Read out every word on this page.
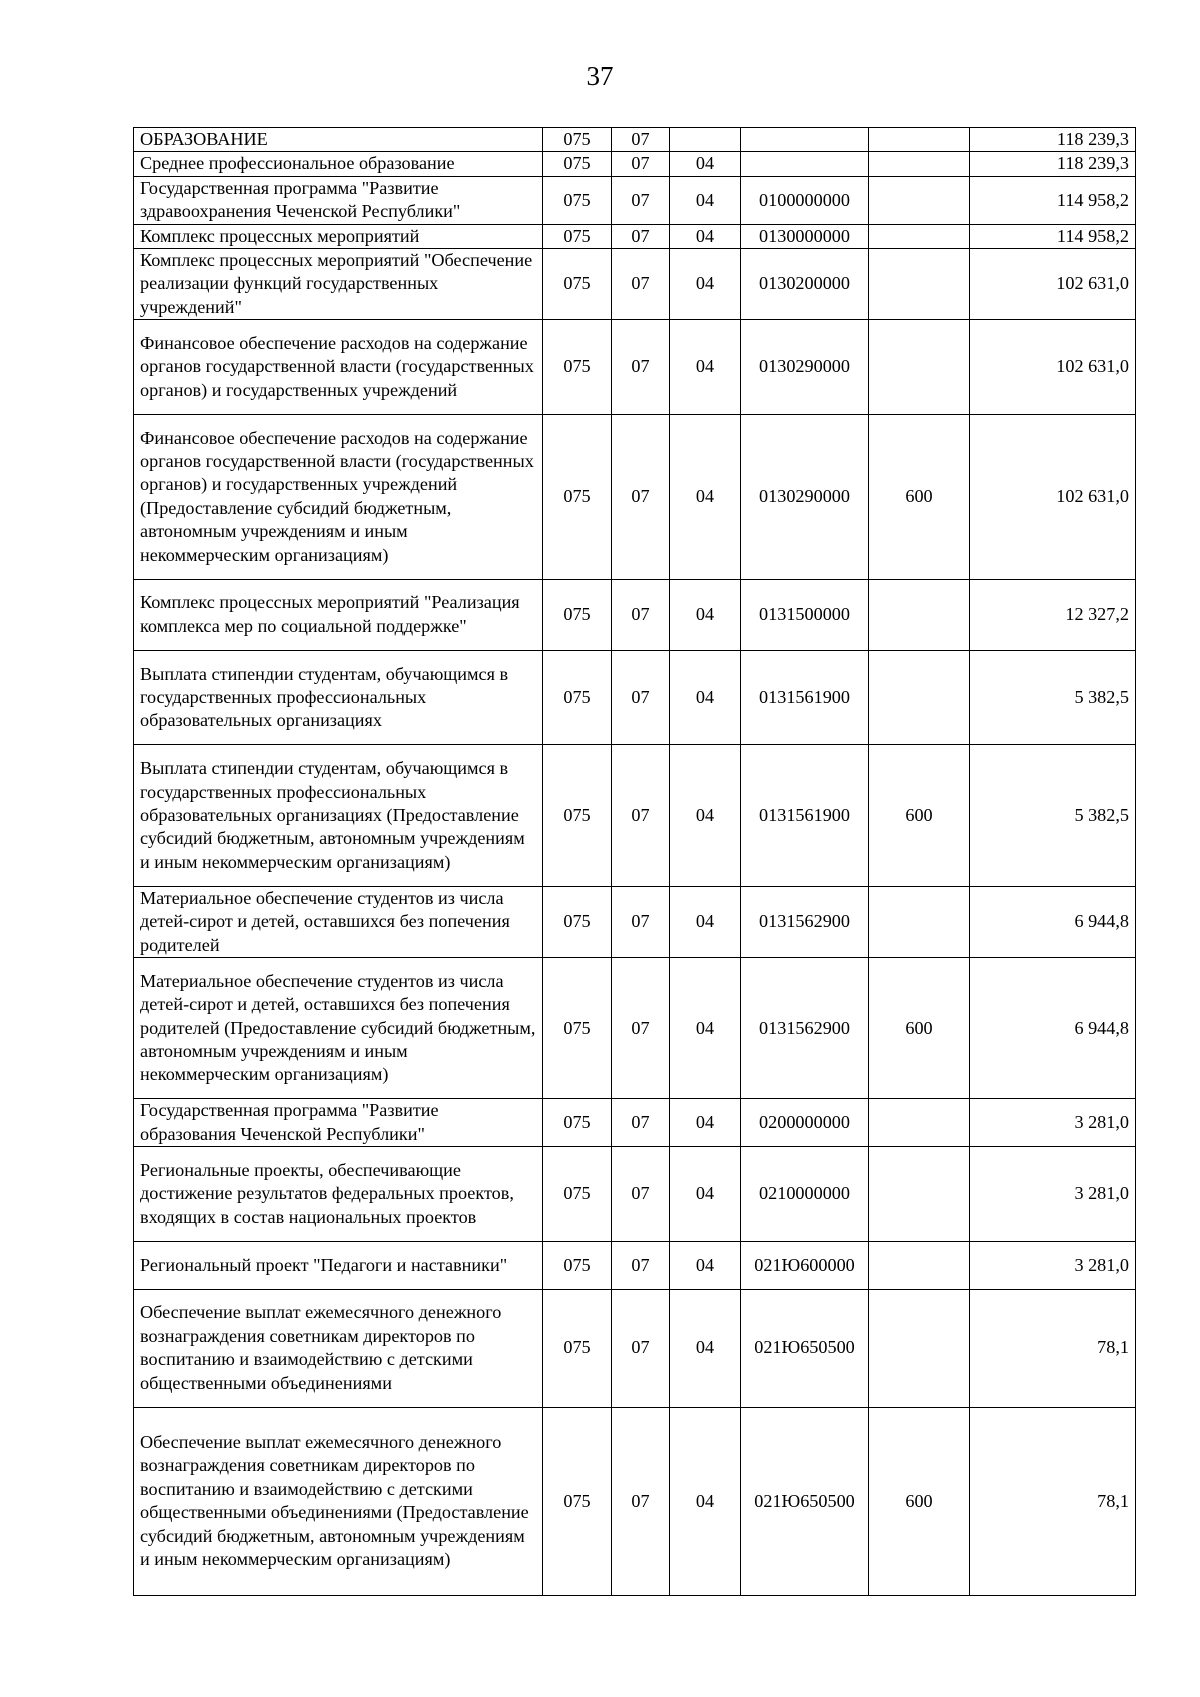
37
ОБРАЗОВАНИЕ	075	07				118 239,3
Среднее профессиональное образование	075	07	04			118 239,3
Государственная программа "Развитие здравоохранения Чеченской Республики"	075	07	04	0100000000		114 958,2
Комплекс процессных мероприятий	075	07	04	0130000000		114 958,2
Комплекс процессных мероприятий "Обеспечение реализации функций государственных учреждений"	075	07	04	0130200000		102 631,0
Финансовое обеспечение расходов на содержание органов государственной власти (государственных органов) и государственных учреждений	075	07	04	0130290000		102 631,0
Финансовое обеспечение расходов на содержание органов государственной власти (государственных органов) и государственных учреждений (Предоставление субсидий бюджетным, автономным учреждениям и иным некоммерческим организациям)	075	07	04	0130290000	600	102 631,0
Комплекс процессных мероприятий "Реализация комплекса мер по социальной поддержке"	075	07	04	0131500000		12 327,2
Выплата стипендии студентам, обучающимся в государственных профессиональных образовательных организациях	075	07	04	0131561900		5 382,5
Выплата стипендии студентам, обучающимся в государственных профессиональных образовательных организациях (Предоставление субсидий бюджетным, автономным учреждениям и иным некоммерческим организациям)	075	07	04	0131561900	600	5 382,5
Материальное обеспечение студентов из числа детей-сирот и детей, оставшихся без попечения родителей	075	07	04	0131562900		6 944,8
Материальное обеспечение студентов из числа детей-сирот и детей, оставшихся без попечения родителей (Предоставление субсидий бюджетным, автономным учреждениям и иным некоммерческим организациям)	075	07	04	0131562900	600	6 944,8
Государственная программа "Развитие образования Чеченской Республики"	075	07	04	0200000000		3 281,0
Региональные проекты, обеспечивающие достижение результатов федеральных проектов, входящих в состав национальных проектов	075	07	04	0210000000		3 281,0
Региональный проект "Педагоги и наставники"	075	07	04	021Ю600000		3 281,0
Обеспечение выплат ежемесячного денежного вознаграждения советникам директоров по воспитанию и взаимодействию с детскими общественными объединениями	075	07	04	021Ю650500		78,1
Обеспечение выплат ежемесячного денежного вознаграждения советникам директоров по воспитанию и взаимодействию с детскими общественными объединениями (Предоставление субсидий бюджетным, автономным учреждениям и иным некоммерческим организациям)	075	07	04	021Ю650500	600	78,1
